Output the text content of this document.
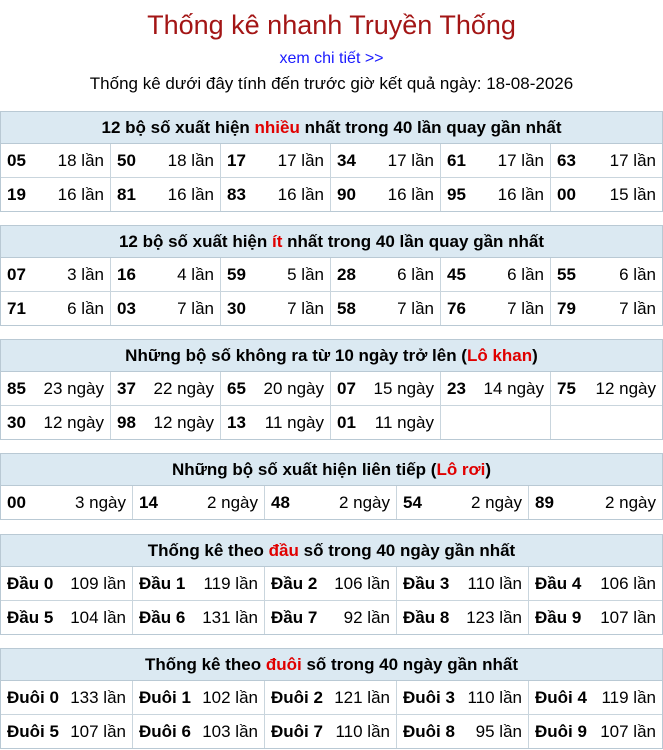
Thống kê nhanh Truyền Thống
xem chi tiết >>
Thống kê dưới đây tính đến trước giờ kết quả ngày: 18-08-2026
12 bộ số xuất hiện nhiều nhất trong 40 lần quay gần nhất
05 18 lần 50 18 lần 17 17 lần 34 17 lần 61 17 lần 63 17 lần
19 16 lần 81 16 lần 83 16 lần 90 16 lần 95 16 lần 00 15 lần
12 bộ số xuất hiện ít nhất trong 40 lần quay gần nhất
07 3 lần 16 4 lần 59 5 lần 28 6 lần 45 6 lần 55	6 lần
71 6 lần 03 7 lần 30 7 lần 58 7 lần 76 7 lần 79	7 lần
Những bộ số không ra từ 10 ngày trở lên (Lô khan)
85 23 ngày 37 22 ngày 65 20 ngày 07 15 ngày 23 14 ngày 75 12 ngày
30 12 ngày 98 12 ngày 13 11 ngày 01 11 ngày
Những bộ số xuất hiện liên tiếp (Lô rơi)
00	3 ngày 14	2 ngày 48	2 ngày 54	2 ngày 89	2 ngày
Thống kê theo đầu số trong 40 ngày gần nhất
Đầu 0 109 lần Đầu 1 119 lần Đầu 2 106 lần Đầu 3 110 lần Đầu 4 106 lần
Đầu 5 104 lần Đầu 6 131 lần Đầu 7 92 lần Đầu 8 123 lần Đầu 9 107 lần
Thống kê theo đuôi số trong 40 ngày gần nhất
Đuôi 0 133 lần Đuôi 1 102 lần Đuôi 2 121 lần Đuôi 3 110 lần Đuôi 4 119 lần
Đuôi 5 107 lần Đuôi 6 103 lần Đuôi 7 110 lần Đuôi 8 95 lần Đuôi 9 107 lần
